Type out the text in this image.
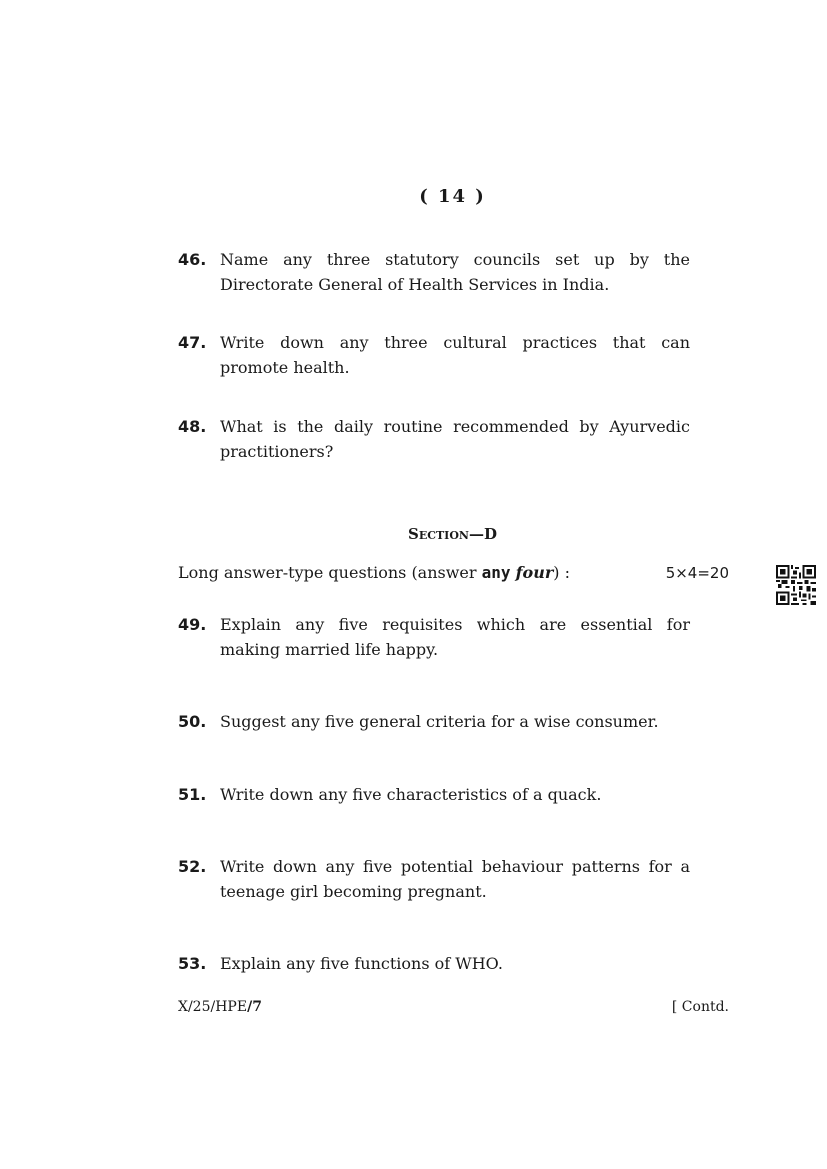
( 14 )
46. Name any three statutory councils set up by the
Directorate General of Health Services in India.
47. Write down any three cultural practices that can
promote health.
48. What is the daily routine recommended by Ayurvedic
practitioners?
Section—D
Long answer-type questions (answer any four) :	5×4=20
49. Explain any five requisites which are essential for
making married life happy.
50. Suggest any five general criteria for a wise consumer.
51. Write down any five characteristics of a quack.
52. Write down any five potential behaviour patterns for a
teenage girl becoming pregnant.
53. Explain any five functions of WHO.
X/25/HPE/7	[ Contd.
